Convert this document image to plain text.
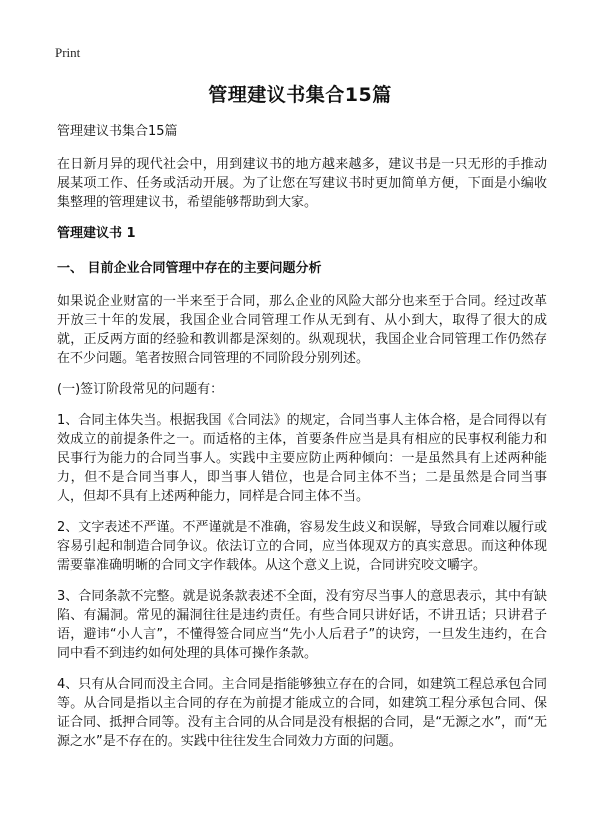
Print
管理建议书集合15篇

管理建议书集合15篇

在日新月异的现代社会中，用到建议书的地方越来越多，建议书是一只无形的手推动展某项工作、任务或活动开展。为了让您在写建议书时更加简单方便，下面是小编收集整理的管理建议书，希望能够帮助到大家。

管理建议书 1

一、 目前企业合同管理中存在的主要问题分析

如果说企业财富的一半来至于合同，那么企业的风险大部分也来至于合同。经过改革开放三十年的发展，我国企业合同管理工作从无到有、从小到大，取得了很大的成就，正反两方面的经验和教训都是深刻的。纵观现状，我国企业合同管理工作仍然存在不少问题。笔者按照合同管理的不同阶段分别列述。

(一)签订阶段常见的问题有：

1、合同主体失当。根据我国《合同法》的规定，合同当事人主体合格，是合同得以有效成立的前提条件之一。而适格的主体，首要条件应当是具有相应的民事权利能力和民事行为能力的合同当事人。实践中主要应防止两种倾向：一是虽然具有上述两种能力，但不是合同当事人，即当事人错位，也是合同主体不当；二是虽然是合同当事人，但却不具有上述两种能力，同样是合同主体不当。

2、文字表述不严谨。不严谨就是不准确，容易发生歧义和误解，导致合同难以履行或容易引起和制造合同争议。依法订立的合同，应当体现双方的真实意思。而这种体现需要靠准确明晰的合同文字作载体。从这个意义上说，合同讲究咬文嚼字。

3、合同条款不完整。就是说条款表述不全面，没有穷尽当事人的意思表示，其中有缺陷、有漏洞。常见的漏洞往往是违约责任。有些合同只讲好话，不讲丑话；只讲君子语，避讳“小人言”，不懂得签合同应当“先小人后君子”的诀窍，一旦发生违约，在合同中看不到违约如何处理的具体可操作条款。

4、只有从合同而没主合同。主合同是指能够独立存在的合同，如建筑工程总承包合同等。从合同是指以主合同的存在为前提才能成立的合同，如建筑工程分承包合同、保证合同、抵押合同等。没有主合同的从合同是没有根据的合同，是“无源之水”，而“无源之水”是不存在的。实践中往往发生合同效力方面的问题。
